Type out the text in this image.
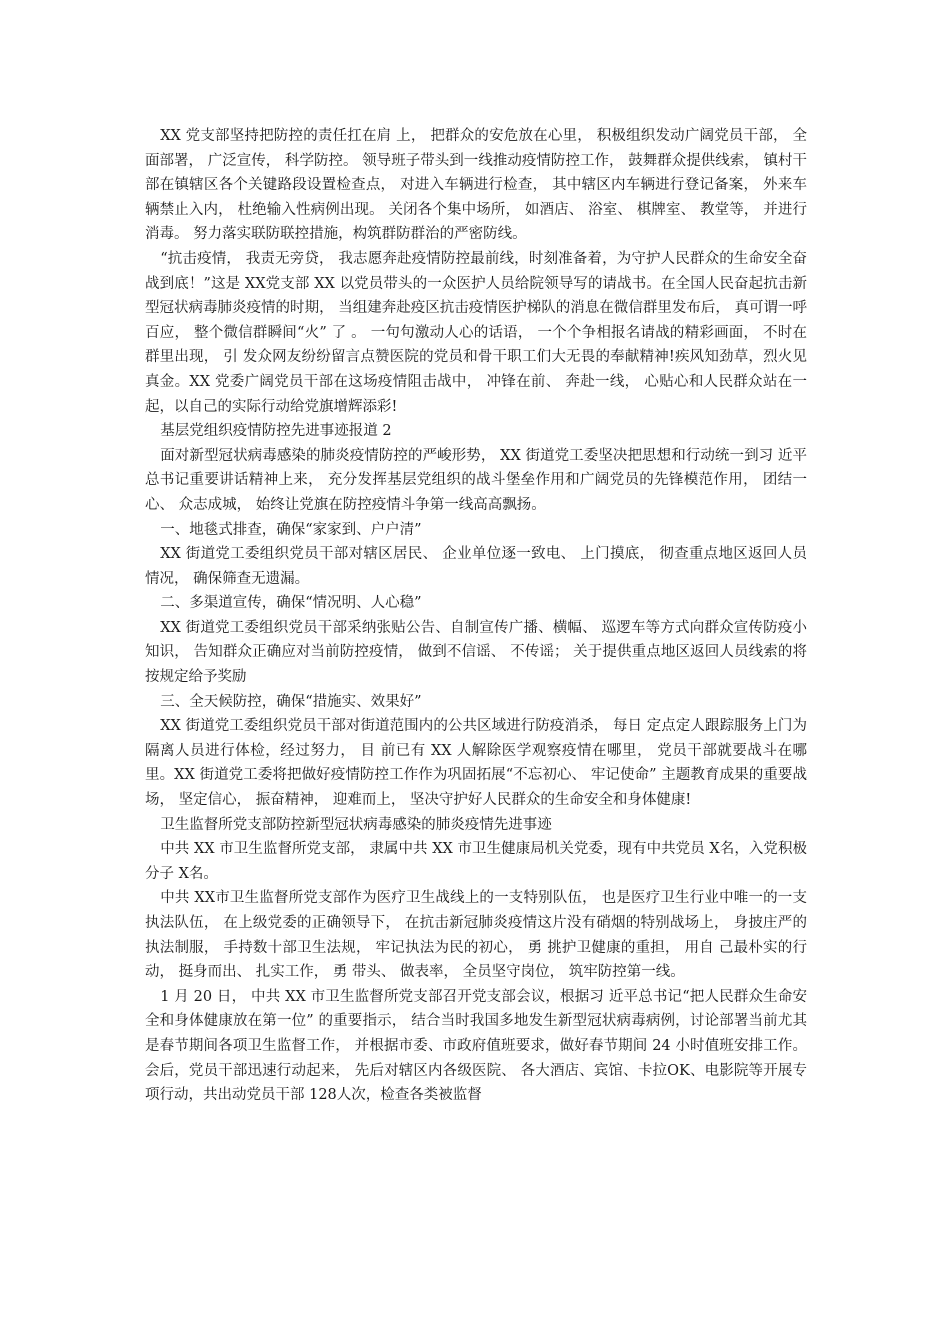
XX 党支部坚持把防控的责任扛在肩 上， 把群众的安危放在心里， 积极组织发动广阔党员干部， 全面部署， 广泛宣传， 科学防控。 领导班子带头到一线推动疫情防控工作， 鼓舞群众提供线索， 镇村干部在镇辖区各个关键路段设置检查点， 对进入车辆进行检查， 其中辖区内车辆进行登记备案， 外来车辆禁止入内， 杜绝输入性病例出现。 关闭各个集中场所， 如酒店、 浴室、 棋牌室、 教堂等， 并进行消毒。 努力落实联防联控措施，构筑群防群治的严密防线。

“抗击疫情， 我责无旁贷， 我志愿奔赴疫情防控最前线，时刻准备着，为守护人民群众的生命安全奋战到底！”这是 XX党支部 XX 以党员带头的一众医护人员给院领导写的请战书。在全国人民奋起抗击新型冠状病毒肺炎疫情的时期， 当组建奔赴疫区抗击疫情医护梯队的消息在微信群里发布后， 真可谓一呼百应， 整个微信群瞬间“火” 了 。 一句句激动人心的话语， 一个个争相报名请战的精彩画面， 不时在群里出现， 引 发众网友纷纷留言点赞医院的党员和骨干职工们大无畏的奉献精神!疾风知劲草，烈火见真金。XX 党委广阔党员干部在这场疫情阻击战中， 冲锋在前、 奔赴一线， 心贴心和人民群众站在一起，以自己的实际行动给党旗增辉添彩!

基层党组织疫情防控先进事迹报道 2

面对新型冠状病毒感染的肺炎疫情防控的严峻形势， XX 街道党工委坚决把思想和行动统一到习 近平总书记重要讲话精神上来， 充分发挥基层党组织的战斗堡垒作用和广阔党员的先锋模范作用， 团结一心、 众志成城， 始终让党旗在防控疫情斗争第一线高高飘扬。

一、地毯式排查，确保“家家到、户户清”

XX 街道党工委组织党员干部对辖区居民、 企业单位逐一致电、 上门摸底， 彻查重点地区返回人员情况， 确保筛查无遗漏。

二、多渠道宣传，确保“情况明、人心稳”

XX 街道党工委组织党员干部采纳张贴公告、自制宣传广播、横幅、 巡逻车等方式向群众宣传防疫小知识， 告知群众正确应对当前防控疫情， 做到不信谣、 不传谣； 关于提供重点地区返回人员线索的将按规定给予奖励

三、全天候防控，确保“措施实、效果好”

XX 街道党工委组织党员干部对街道范围内的公共区域进行防疫消杀， 每日 定点定人跟踪服务上门为隔离人员进行体检，经过努力， 目 前已有 XX 人解除医学观察疫情在哪里， 党员干部就要战斗在哪里。XX 街道党工委将把做好疫情防控工作作为巩固拓展“不忘初心、 牢记使命” 主题教育成果的重要战场， 坚定信心， 振奋精神， 迎难而上， 坚决守护好人民群众的生命安全和身体健康!

卫生监督所党支部防控新型冠状病毒感染的肺炎疫情先进事迹

中共 XX 市卫生监督所党支部， 隶属中共 XX 市卫生健康局机关党委，现有中共党员 X名，入党积极分子 X名。

中共 XX市卫生监督所党支部作为医疗卫生战线上的一支特别队伍， 也是医疗卫生行业中唯一的一支执法队伍， 在上级党委的正确领导下， 在抗击新冠肺炎疫情这片没有硝烟的特别战场上， 身披庄严的执法制服， 手持数十部卫生法规， 牢记执法为民的初心， 勇 挑护卫健康的重担， 用自 己最朴实的行动， 挺身而出、 扎实工作， 勇 带头、 做表率， 全员坚守岗位， 筑牢防控第一线。

1 月 20 日， 中共 XX 市卫生监督所党支部召开党支部会议，根据习 近平总书记“把人民群众生命安全和身体健康放在第一位” 的重要指示， 结合当时我国多地发生新型冠状病毒病例，讨论部署当前尤其是春节期间各项卫生监督工作， 并根据市委、市政府值班要求，做好春节期间 24 小时值班安排工作。 会后，党员干部迅速行动起来， 先后对辖区内各级医院、 各大酒店、宾馆、卡拉OK、电影院等开展专项行动，共出动党员干部 128人次，检查各类被监督
